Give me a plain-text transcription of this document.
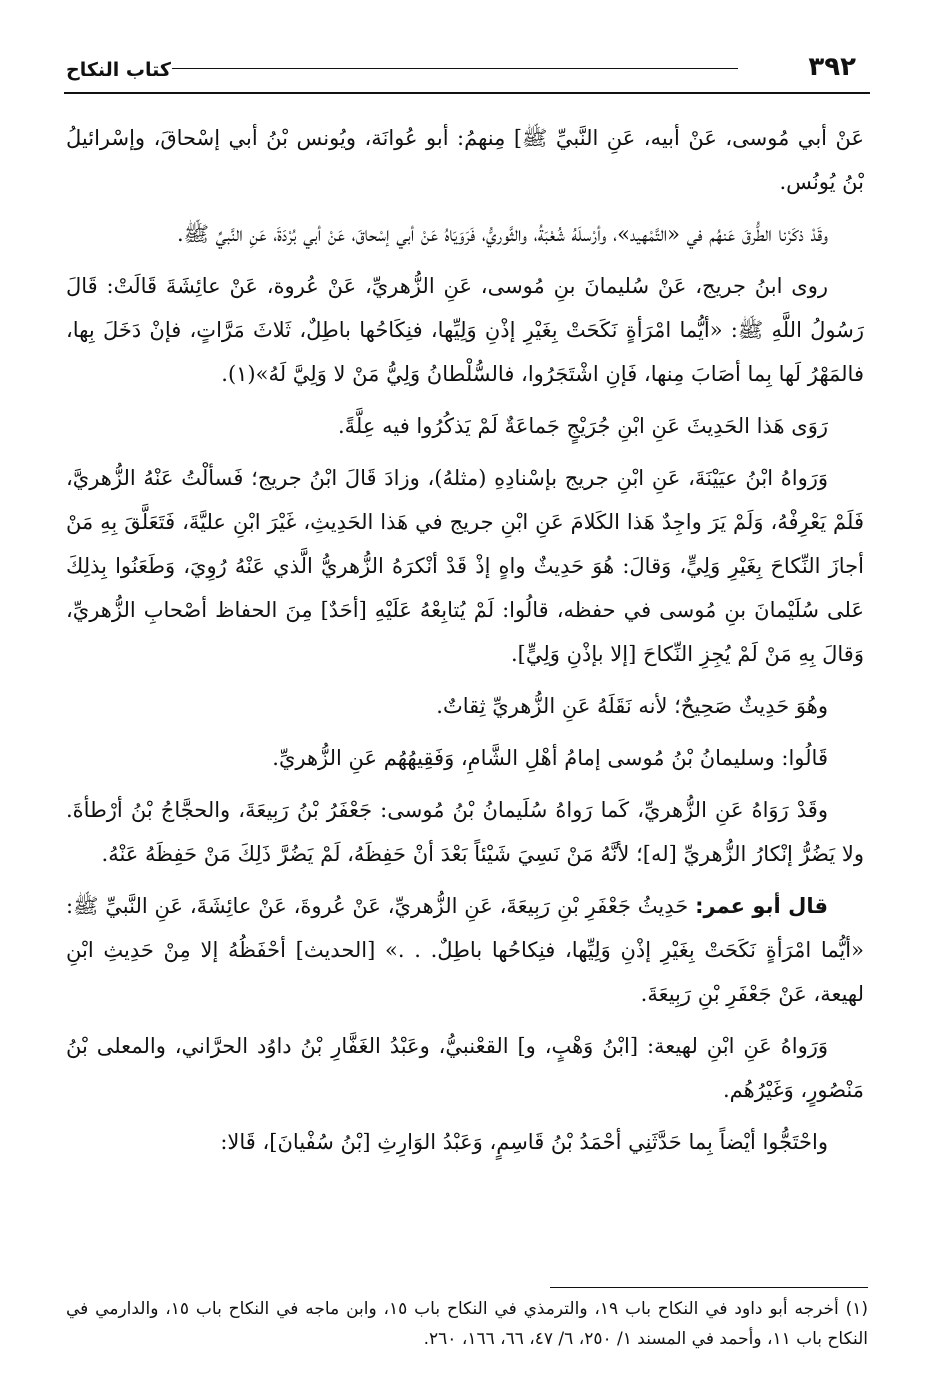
٣٩٢
كتاب النكاح

عَنْ أبي مُوسى، عَنْ أبيه، عَنِ النَّبيِّ ﷺ] مِنهمُ: أبو عُوانَة، ويُونس بْنُ أبي إسْحاقَ، وإسْرائيلُ بْنُ يُونُس.

وقَدْ ذكَرْنا الطُّرقَ عَنهُم في «التَّمْهيد»، وأرْسلَهُ شُعْبَةُ، والثَّوريُّ، فَرَوَيَاهُ عَنْ أبي إسْحاقَ، عَنْ أبي بُرْدَةَ، عَنِ النَّبيِّ ﷺ.

روى ابنُ جريج، عَنْ سُليمانَ بنِ مُوسى، عَنِ الزُّهريِّ، عَنْ عُروة، عَنْ عائِشَةَ قَالَتْ: قَالَ رَسُولُ اللَّهِ ﷺ: «أيُّما امْرَأةٍ نَكَحَتْ بِغَيْرِ إذْنِ وَلِيِّها، فنِكَاحُها باطِلٌ، ثَلاثَ مَرَّاتٍ، فإنْ دَخَلَ بِها، فالمَهْرُ لَها بِما أصَابَ مِنها، فَإنِ اشْتَجَرُوا، فالسُّلْطانُ وَلِيُّ مَنْ لا وَلِيَّ لَهُ»(١).

رَوَى هَذا الحَدِيثَ عَنِ ابْنِ جُرَيْجٍ جَماعَةٌ لَمْ يَذكُرُوا فيه عِلَّةً.

وَرَواهُ ابْنُ عيَيْنَةَ، عَنِ ابْنِ جريج بإسْنادِهِ (مثلهُ)، وزادَ قَالَ ابْنُ جريج؛ فَسألْتُ عَنْهُ الزُّهريَّ، فَلَمْ يَعْرِفْهُ، وَلَمْ يَرَ واجِدٌ هَذا الكَلامَ عَنِ ابْنِ جريج في هَذا الحَدِيثِ، غَيْرَ ابْنِ عليَّةَ، فَتَعَلَّقَ بِهِ مَنْ أجازَ النِّكاحَ بِغَيْرِ وَلِيٍّ، وَقالَ: هُوَ حَدِيثٌ واهٍ إذْ قَدْ أنْكرَهُ الزُّهريُّ الَّذي عَنْهُ رُوِيَ، وَطَعَنُوا بِذلِكَ عَلى سُلَيْمانَ بنِ مُوسى في حفظه، قالُوا: لَمْ يُتابِعْهُ عَلَيْهِ [أحَدٌ] مِنَ الحفاظ أصْحابِ الزُّهريِّ، وَقالَ بِهِ مَنْ لَمْ يُجِزِ النِّكاحَ [إلا بإذْنِ وَلِيٍّ].

وهُوَ حَدِيثٌ صَحِيحٌ؛ لأنه نَقَلَهُ عَنِ الزُّهريِّ ثِقاتٌ.

قَالُوا: وسليمانُ بْنُ مُوسى إمامُ أهْلِ الشَّامِ، وَفَقِيهُهُم عَنِ الزُّهريِّ.

وقَدْ رَوَاهُ عَنِ الزُّهريِّ، كَما رَواهُ سُلَيمانُ بْنُ مُوسى: جَعْفَرُ بْنُ رَبِيعَةَ، والحجَّاجُ بْنُ أرْطأةَ. ولا يَضُرُّ إنْكارُ الزُّهريِّ [له]؛ لأنَّهُ مَنْ نَسِيَ شَيْئاً بَعْدَ أنْ حَفِظَهُ، لَمْ يَضُرَّ ذَلِكَ مَنْ حَفِظَهُ عَنْهُ.

قال أبو عمر: حَدِيثُ جَعْفَرِ بْنِ رَبِيعَةَ، عَنِ الزُّهريِّ، عَنْ عُروةَ، عَنْ عائِشَةَ، عَنِ النَّبيِّ ﷺ: «أيُّما امْرَأةٍ نَكَحَتْ بِغَيْرِ إذْنِ وَلِيِّها، فنِكاحُها باطِلٌ. . .» [الحديث] أحْفَظُهُ إلا مِنْ حَدِيثِ ابْنِ لهيعة، عَنْ جَعْفَرِ بْنِ رَبِيعَةَ.

وَرَواهُ عَنِ ابْنِ لهيعة: [ابْنُ وَهْبٍ، و] القعْنبيُّ، وعَبْدُ الغَفَّارِ بْنُ داوُد الحرَّاني، والمعلى بْنُ مَنْصُورٍ، وَغَيْرُهُم.

واحْتَجُّوا أيْضاً بِما حَدَّثَنِي أحْمَدُ بْنُ قَاسِمٍ، وَعَبْدُ الوَارِثِ [بْنُ سُفْيانَ]، قَالا:

(١) أخرجه أبو داود في النكاح باب ١٩، والترمذي في النكاح باب ١٥، وابن ماجه في النكاح باب ١٥، والدارمي في النكاح باب ١١، وأحمد في المسند ١/ ٢٥٠، ٦/ ٤٧، ٦٦، ١٦٦، ٢٦٠.
